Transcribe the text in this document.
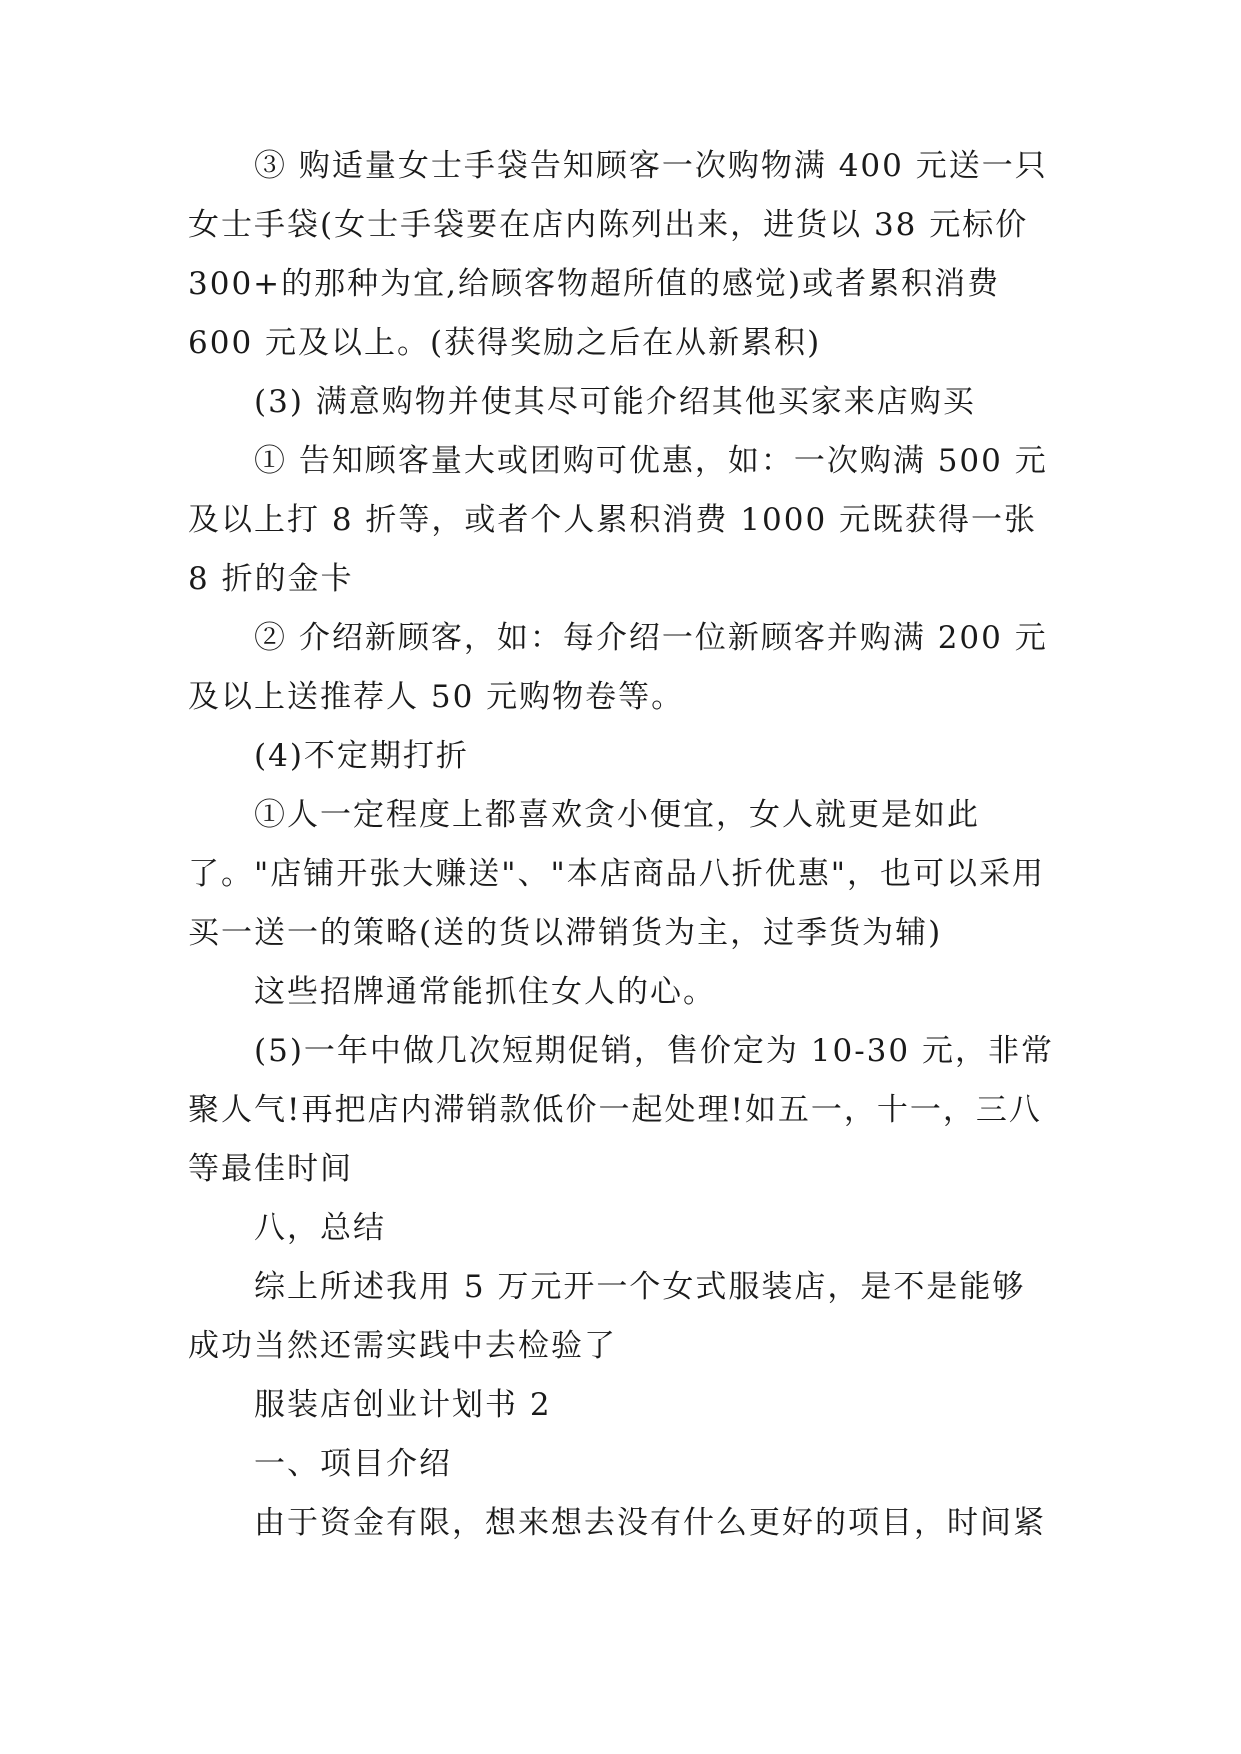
③ 购适量女士手袋告知顾客一次购物满 400 元送一只女士手袋(女士手袋要在店内陈列出来，进货以 38 元标价 300+的那种为宜,给顾客物超所值的感觉)或者累积消费 600 元及以上。(获得奖励之后在从新累积)

(3) 满意购物并使其尽可能介绍其他买家来店购买

① 告知顾客量大或团购可优惠，如：一次购满 500 元及以上打 8 折等，或者个人累积消费 1000 元既获得一张 8 折的金卡

② 介绍新顾客，如：每介绍一位新顾客并购满 200 元及以上送推荐人 50 元购物卷等。

(4)不定期打折

①人一定程度上都喜欢贪小便宜，女人就更是如此了。"店铺开张大赚送"、"本店商品八折优惠"，也可以采用买一送一的策略(送的货以滞销货为主，过季货为辅)

这些招牌通常能抓住女人的心。

(5)一年中做几次短期促销，售价定为 10-30 元，非常聚人气!再把店内滞销款低价一起处理!如五一，十一，三八等最佳时间

八，总结

综上所述我用 5 万元开一个女式服装店，是不是能够成功当然还需实践中去检验了

服装店创业计划书 2

一、项目介绍

由于资金有限，想来想去没有什么更好的项目，时间紧
